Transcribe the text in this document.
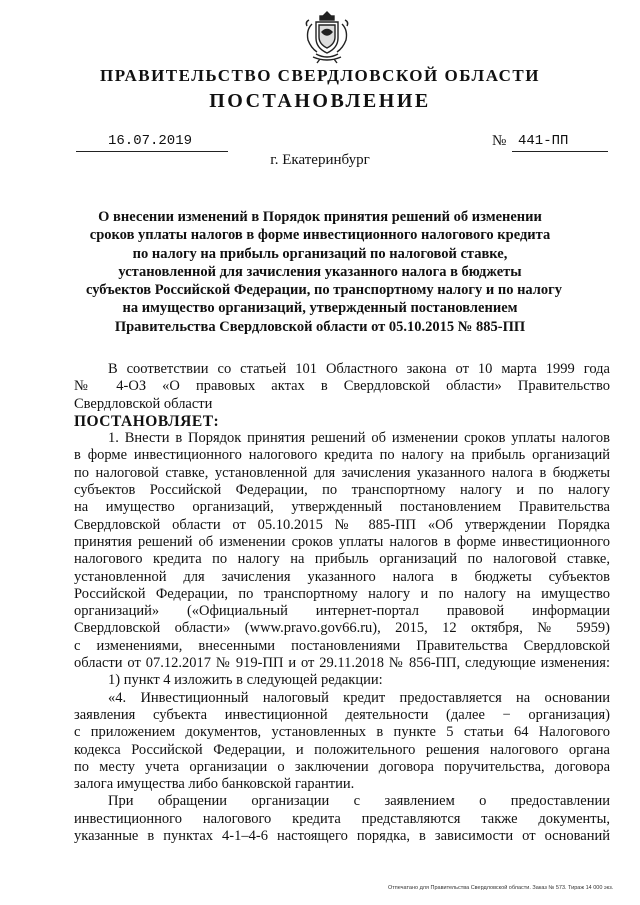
ПРАВИТЕЛЬСТВО СВЕРДЛОВСКОЙ ОБЛАСТИ
ПОСТАНОВЛЕНИЕ
16.07.2019	№ 441-ПП
г. Екатеринбург
О внесении изменений в Порядок принятия решений об изменении
сроков уплаты налогов в форме инвестиционного налогового кредита
по налогу на прибыль организаций по налоговой ставке,
установленной для зачисления указанного налога в бюджеты
субъектов Российской Федерации, по транспортному налогу и по налогу
на имущество организаций, утвержденный постановлением
Правительства Свердловской области от 05.10.2015 № 885-ПП
В соответствии со статьей 101 Областного закона от 10 марта 1999 года
№ 4-ОЗ «О правовых актах в Свердловской области» Правительство
Свердловской области
ПОСТАНОВЛЯЕТ:
1. Внести в Порядок принятия решений об изменении сроков уплаты налогов
в форме инвестиционного налогового кредита по налогу на прибыль организаций
по налоговой ставке, установленной для зачисления указанного налога в бюджеты
субъектов Российской Федерации, по транспортному налогу и по налогу
на имущество организаций, утвержденный постановлением Правительства
Свердловской области от 05.10.2015 № 885-ПП «Об утверждении Порядка
принятия решений об изменении сроков уплаты налогов в форме инвестиционного
налогового кредита по налогу на прибыль организаций по налоговой ставке,
установленной для зачисления указанного налога в бюджеты субъектов
Российской Федерации, по транспортному налогу и по налогу на имущество
организаций» («Официальный интернет-портал правовой информации
Свердловской области» (www.pravo.gov66.ru), 2015, 12 октября, № 5959)
с изменениями, внесенными постановлениями Правительства Свердловской
области от 07.12.2017 № 919-ПП и от 29.11.2018 № 856-ПП, следующие изменения:
1) пункт 4 изложить в следующей редакции:
«4. Инвестиционный налоговый кредит предоставляется на основании
заявления субъекта инвестиционной деятельности (далее − организация)
с приложением документов, установленных в пункте 5 статьи 64 Налогового
кодекса Российской Федерации, и положительного решения налогового органа
по месту учета организации о заключении договора поручительства, договора
залога имущества либо банковской гарантии.
При обращении организации с заявлением о предоставлении
инвестиционного налогового кредита представляются также документы,
указанные в пунктах 4-1–4-6 настоящего порядка, в зависимости от оснований
Отпечатано для Правительства Свердловской области. Заказ № 573. Тираж 14 000 экз.
